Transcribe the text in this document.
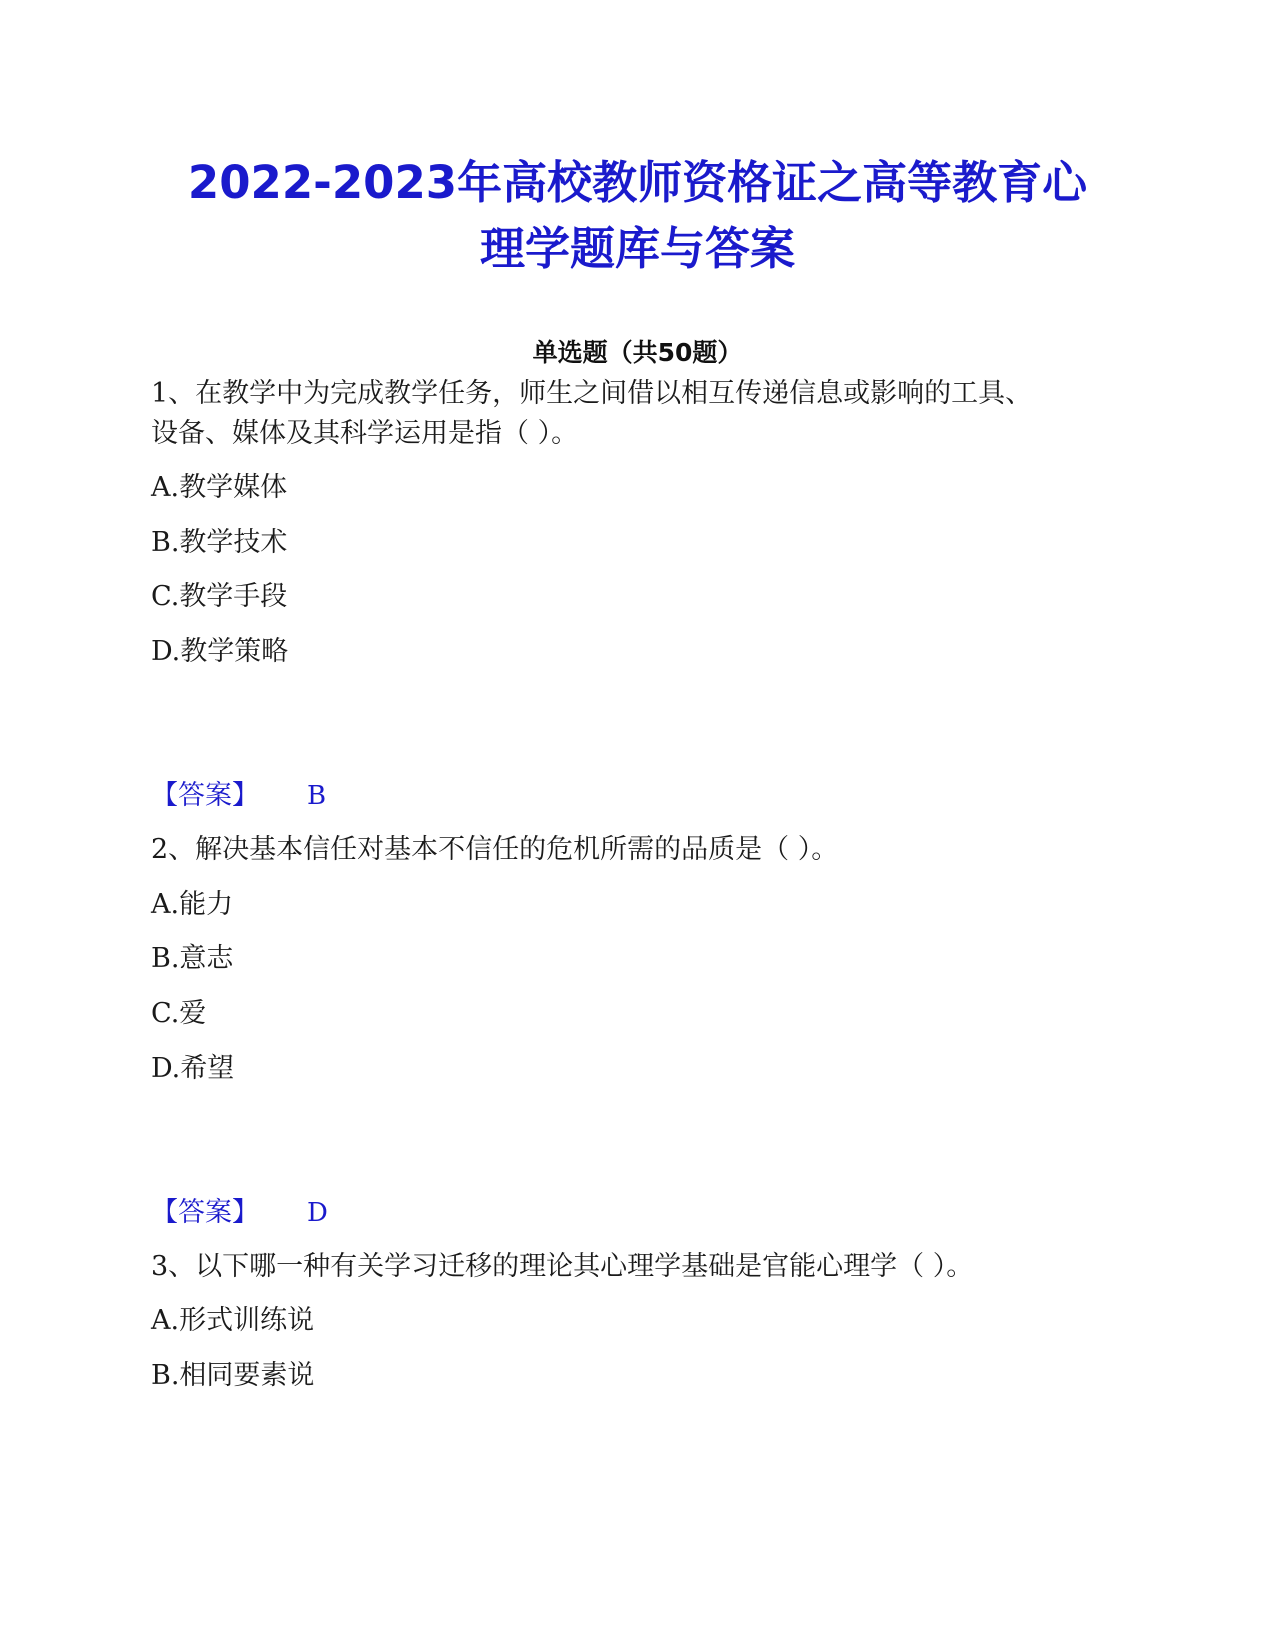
2022-2023年高校教师资格证之高等教育心
理学题库与答案
单选题（共50题）
1、在教学中为完成教学任务，师生之间借以相互传递信息或影响的工具、
设备、媒体及其科学运用是指（ ）。
A.教学媒体
B.教学技术
C.教学手段
D.教学策略
【答案】 B
2、解决基本信任对基本不信任的危机所需的品质是（ ）。
A.能力
B.意志
C.爱
D.希望
【答案】 D
3、以下哪一种有关学习迁移的理论其心理学基础是官能心理学（ ）。
A.形式训练说
B.相同要素说
